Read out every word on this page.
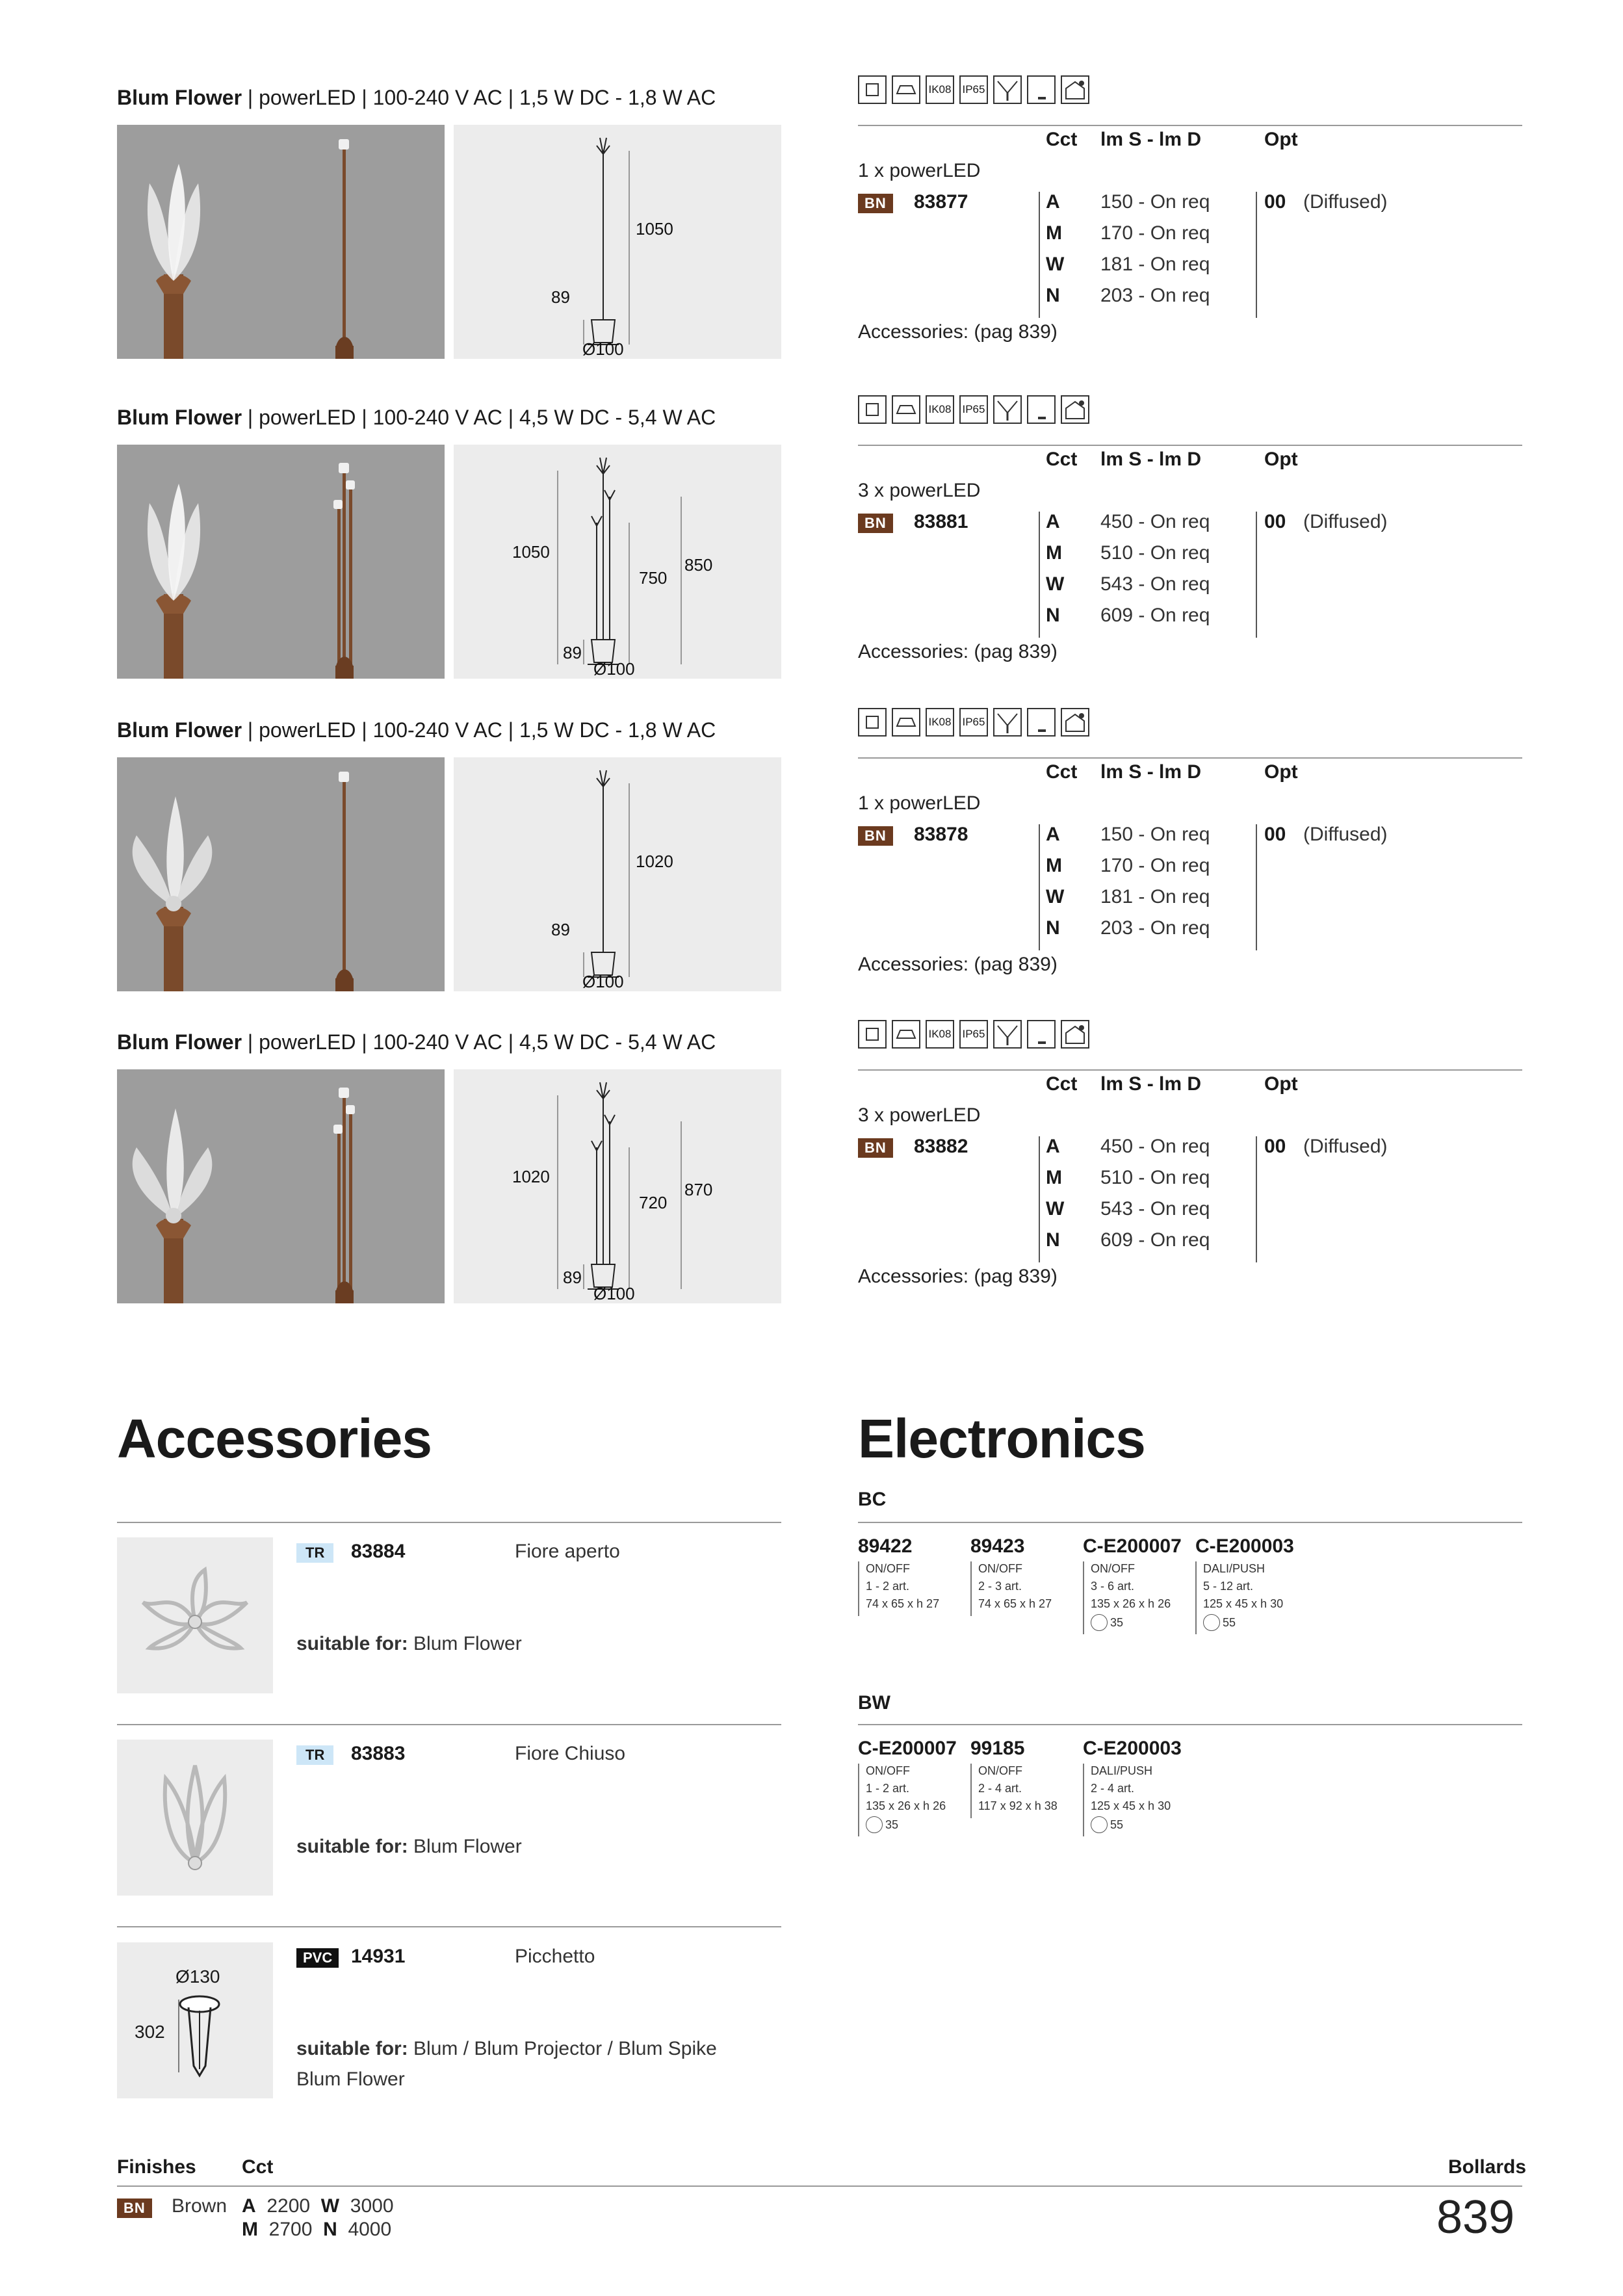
Blum Flower | powerLED | 100-240 V AC | 1,5 W DC - 1,8 W AC
1050
89
Ø100
IK08 IP65
Cct lm S - lm D	Opt
1 x powerLED
BN	83877	A 150 - On req
M 170 - On req
W 181 - On req
N 203 - On req
00 (Diffused)
Accessories: (pag 839)
Blum Flower | powerLED | 100-240 V AC | 4,5 W DC - 5,4 W AC
1050
750
850
89
Ø100
IK08 IP65
Cct lm S - lm D	Opt
3 x powerLED
BN	83881	A 450 - On req
M 510 - On req
W 543 - On req
N 609 - On req
00 (Diffused)
Accessories: (pag 839)
Blum Flower | powerLED | 100-240 V AC | 1,5 W DC - 1,8 W AC
1020
89
Ø100
IK08 IP65
Cct lm S - lm D	Opt
1 x powerLED
BN	83878	A 150 - On req
M 170 - On req
W 181 - On req
N 203 - On req
00 (Diffused)
Accessories: (pag 839)
Blum Flower | powerLED | 100-240 V AC | 4,5 W DC - 5,4 W AC
1020
720
870
89
Ø100
IK08 IP65
Cct lm S - lm D	Opt
3 x powerLED
BN	83882	A 450 - On req
M 510 - On req
W 543 - On req
N 609 - On req
00 (Diffused)
Accessories: (pag 839)
Accessories
TR	83884	Fiore aperto
suitable for: Blum Flower
TR	83883	Fiore Chiuso
suitable for: Blum Flower
Ø130
302
PVC 14931	Picchetto
suitable for: Blum / Blum Projector / Blum Spike
Blum Flower
Electronics
BC
89422
ON/OFF
1 - 2 art.
74 x 65 x h 27
89423
ON/OFF
2 - 3 art.
74 x 65 x h 27
C-E200007
ON/OFF
3 - 6 art.
135 x 26 x h 26
35
C-E200003
DALI/PUSH
5 - 12 art.
125 x 45 x h 30
55
BW
C-E200007
ON/OFF
1 - 2 art.
135 x 26 x h 26
35
99185
ON/OFF
2 - 4 art.
117 x 92 x h 38
C-E200003
DALI/PUSH
2 - 4 art.
125 x 45 x h 30
55
Finishes Cct	Bollards
BN	Brown A 2200 W 3000
M 2700 N 4000	839
